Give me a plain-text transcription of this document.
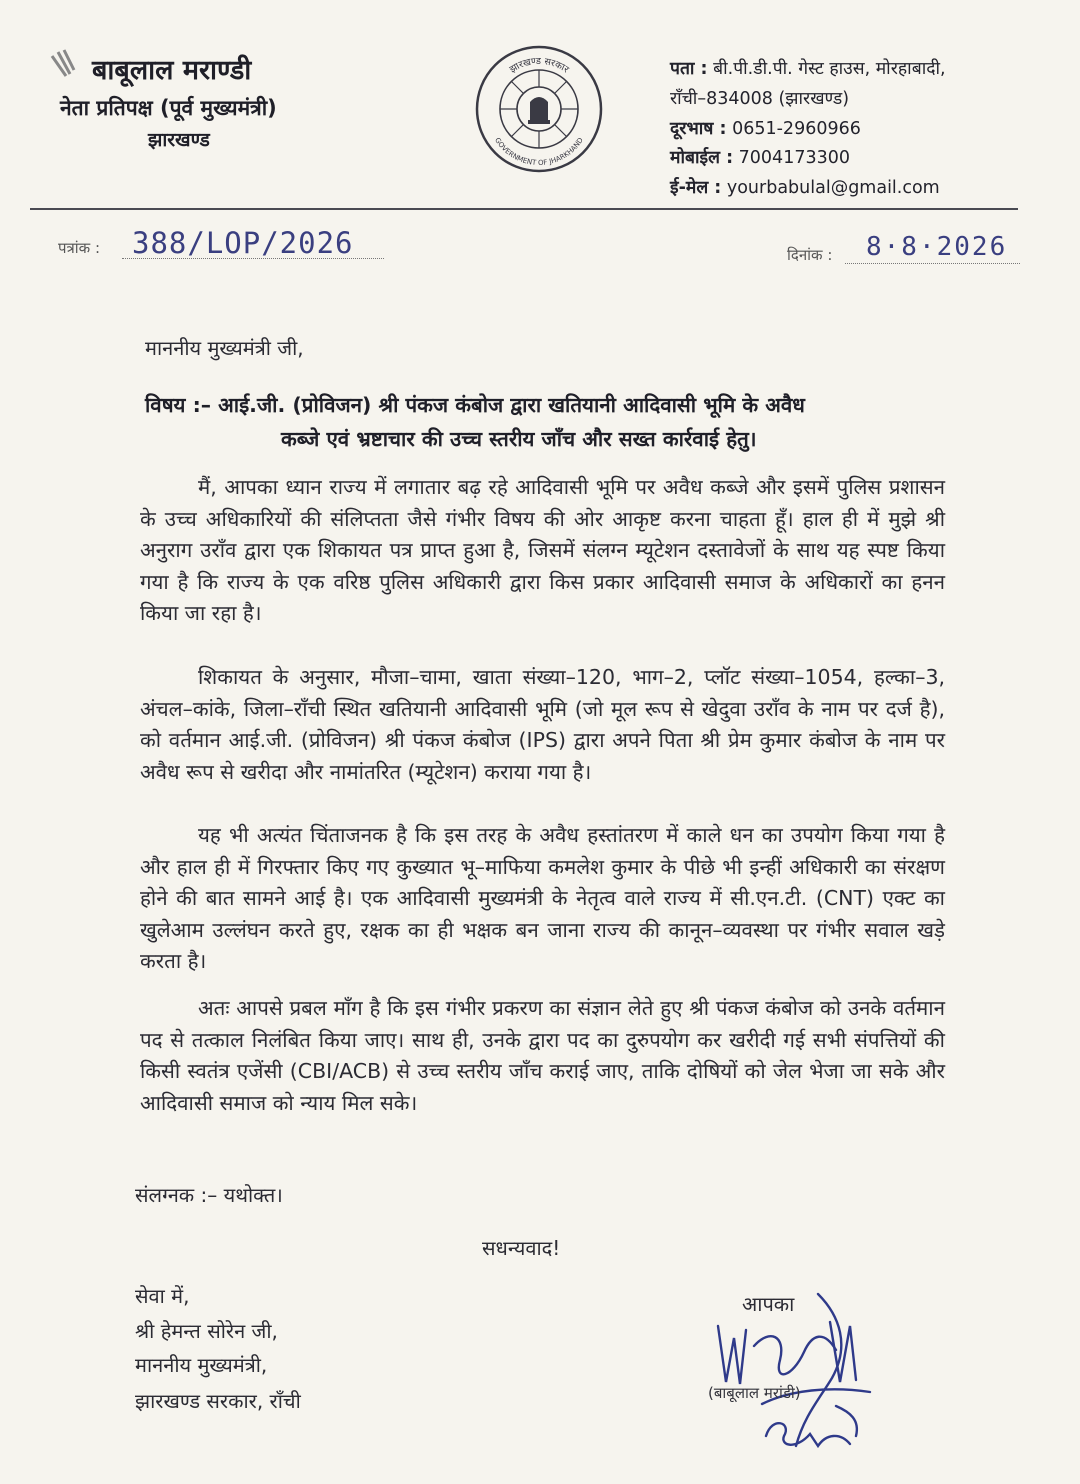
बाबूलाल मराण्डी
नेता प्रतिपक्ष (पूर्व मुख्यमंत्री)
झारखण्ड
झारखण्ड सरकार
GOVERNMENT OF JHARKHAND
पता : बी.पी.डी.पी. गेस्ट हाउस, मोरहाबादी,
राँची–834008 (झारखण्ड)
दूरभाष : 0651-2960966
मोबाईल : 7004173300
ई-मेल : yourbabulal@gmail.com
पत्रांक : 388/LOP/2026	दिनांक : 8·8·2026
माननीय मुख्यमंत्री जी,
विषय :– आई.जी. (प्रोविजन) श्री पंकज कंबोज द्वारा खतियानी आदिवासी भूमि के अवैध
कब्जे एवं भ्रष्टाचार की उच्च स्तरीय जाँच और सख्त कार्रवाई हेतु।
मैं, आपका ध्यान राज्य में लगातार बढ़ रहे आदिवासी भूमि पर अवैध कब्जे और इसमें पुलिस प्रशासन के उच्च अधिकारियों की संलिप्तता जैसे गंभीर विषय की ओर आकृष्ट करना चाहता हूँ। हाल ही में मुझे श्री अनुराग उराँव द्वारा एक शिकायत पत्र प्राप्त हुआ है, जिसमें संलग्न म्यूटेशन दस्तावेजों के साथ यह स्पष्ट किया गया है कि राज्य के एक वरिष्ठ पुलिस अधिकारी द्वारा किस प्रकार आदिवासी समाज के अधिकारों का हनन किया जा रहा है।
शिकायत के अनुसार, मौजा–चामा, खाता संख्या–120, भाग–2, प्लॉट संख्या–1054, हल्का–3, अंचल–कांके, जिला–राँची स्थित खतियानी आदिवासी भूमि (जो मूल रूप से खेदुवा उराँव के नाम पर दर्ज है), को वर्तमान आई.जी. (प्रोविजन) श्री पंकज कंबोज (IPS) द्वारा अपने पिता श्री प्रेम कुमार कंबोज के नाम पर अवैध रूप से खरीदा और नामांतरित (म्यूटेशन) कराया गया है।
यह भी अत्यंत चिंताजनक है कि इस तरह के अवैध हस्तांतरण में काले धन का उपयोग किया गया है और हाल ही में गिरफ्तार किए गए कुख्यात भू–माफिया कमलेश कुमार के पीछे भी इन्हीं अधिकारी का संरक्षण होने की बात सामने आई है। एक आदिवासी मुख्यमंत्री के नेतृत्व वाले राज्य में सी.एन.टी. (CNT) एक्ट का खुलेआम उल्लंघन करते हुए, रक्षक का ही भक्षक बन जाना राज्य की कानून–व्यवस्था पर गंभीर सवाल खड़े करता है।
अतः आपसे प्रबल माँग है कि इस गंभीर प्रकरण का संज्ञान लेते हुए श्री पंकज कंबोज को उनके वर्तमान पद से तत्काल निलंबित किया जाए। साथ ही, उनके द्वारा पद का दुरुपयोग कर खरीदी गई सभी संपत्तियों की किसी स्वतंत्र एजेंसी (CBI/ACB) से उच्च स्तरीय जाँच कराई जाए, ताकि दोषियों को जेल भेजा जा सके और आदिवासी समाज को न्याय मिल सके।
संलग्नक :– यथोक्त।
सधन्यवाद!
सेवा में,
श्री हेमन्त सोरेन जी,
माननीय मुख्यमंत्री,
झारखण्ड सरकार, राँची
आपका
(बाबूलाल मरांडी)
